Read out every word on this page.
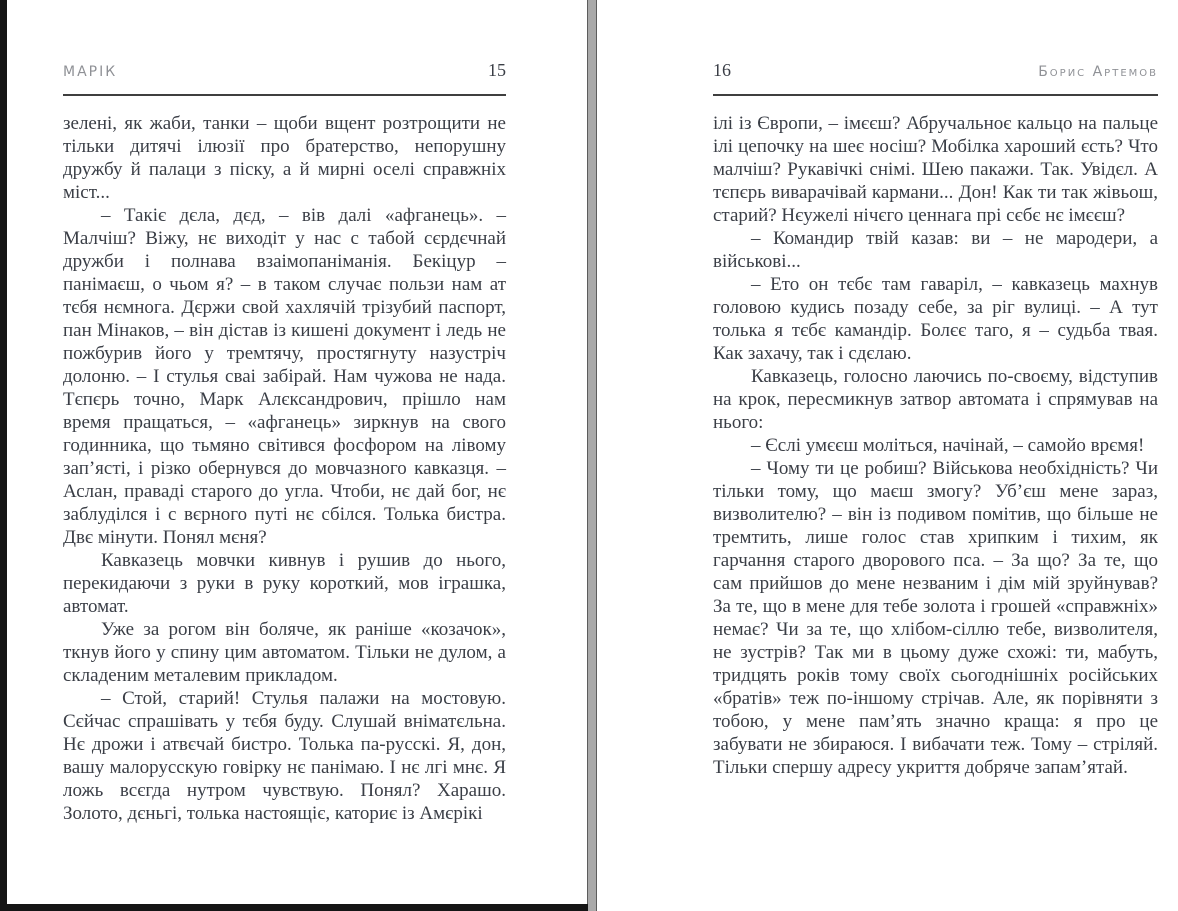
МАРІК	15

зелені, як жаби, танки – щоби вщент розтрощити не тільки дитячі ілюзії про братерство, непорушну дружбу й палаци з піску, а й мирні оселі справжніх міст...

– Такіє дєла, дєд, – вів далі «афганець». – Малчіш? Віжу, нє виходіт у нас с табой сєрдєчнай дружби і полнава взаімопаніманія. Бекіцур – панімаєш, о чьом я? – в таком случає пользи нам ат тєбя нємнога. Дєржи свой хахлячій трізубий паспорт, пан Мінаков, – він дістав із кишені документ і ледь не пожбурив його у тремтячу, простягнуту назустріч долоню. – І стулья сваі забірай. Нам чужова не нада. Тєпєрь точно, Марк Алєксандрович, прішло нам время пращаться, – «афганець» зиркнув на свого годинника, що тьмяно світився фосфором на лівому зап’ясті, і різко обернувся до мовчазного кавказця. – Аслан, праваді старого до угла. Чтоби, нє дай бог, нє заблуділся і с вєрного путі нє сбілся. Толька бистра. Двє мінути. Понял мєня?

Кавказець мовчки кивнув і рушив до нього, перекидаючи з руки в руку короткий, мов іграшка, автомат.

Уже за рогом він боляче, як раніше «козачок», ткнув його у спину цим автоматом. Тільки не дулом, а складеним металевим прикладом.

– Стой, старий! Стулья палажи на мостовую. Сєйчас спрашівать у тєбя буду. Слушай вніматєльна. Нє дрожи і атвєчай бистро. Толька па-русскі. Я, дон, вашу малорусскую говірку нє панімаю. І нє лгі мнє. Я ложь всєгда нутром чувствую. Понял? Харашо. Золото, дєньгі, толька настоящіє, каториє із Амєрікі

16	Борис Артемов

ілі із Європи, – імєєш? Абручальноє кальцо на пальце ілі цепочку на шеє носіш? Мобілка хароший єсть? Что малчіш? Рукавічкі снімі. Шею пакажи. Так. Увідєл. А тєпєрь виварачівай кармани... Дон! Как ти так жівьош, старий? Нєужелі нічєго ценнага прі сєбє нє імєєш?

– Командир твій казав: ви – не мародери, а військові...

– Ето он тєбє там гаваріл, – кавказець махнув головою кудись позаду себе, за ріг вулиці. – А тут толька я тєбє камандір. Болєє таго, я – судьба твая. Как захачу, так і сдєлаю.

Кавказець, голосно лаючись по-своєму, відступив на крок, пересмикнув затвор автомата і спрямував на нього:

– Єслі умєєш моліться, начінай, – самойо врємя!

– Чому ти це робиш? Військова необхідність? Чи тільки тому, що маєш змогу? Уб’єш мене зараз, визволителю? – він із подивом помітив, що більше не тремтить, лише голос став хрипким і тихим, як гарчання старого дворового пса. – За що? За те, що сам прийшов до мене незваним і дім мій зруйнував? За те, що в мене для тебе золота і грошей «справжніх» немає? Чи за те, що хлібом-сіллю тебе, визволителя, не зустрів? Так ми в цьому дуже схожі: ти, мабуть, тридцять років тому своїх сьогоднішніх російських «братів» теж по-іншому стрічав. Але, як порівняти з тобою, у мене пам’ять значно краща: я про це забувати не збираюся. І вибачати теж. Тому – стріляй. Тільки спершу адресу укриття добряче запам’ятай.
